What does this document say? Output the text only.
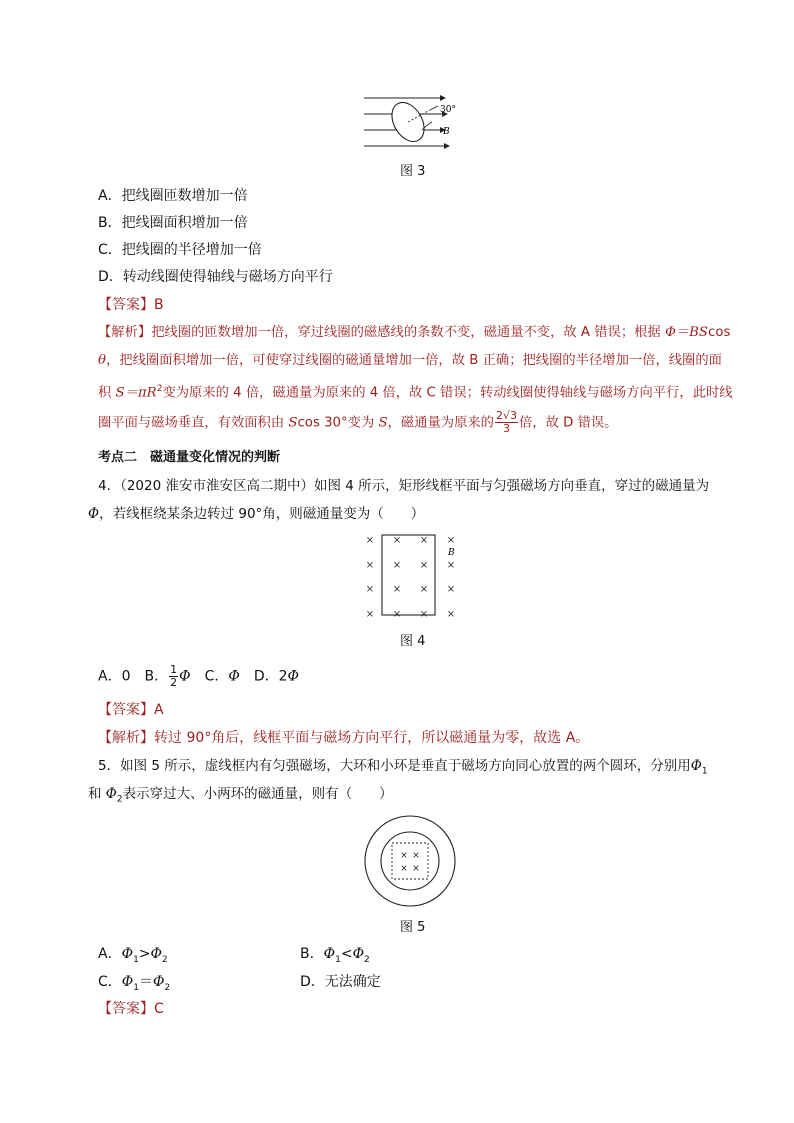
30°
B
图 3
A．把线圈匝数增加一倍
B．把线圈面积增加一倍
C．把线圈的半径增加一倍
D．转动线圈使得轴线与磁场方向平行
【答案】B
【解析】把线圈的匝数增加一倍，穿过线圈的磁感线的条数不变，磁通量不变，故 A 错误；根据 Φ＝BScos
θ，把线圈面积增加一倍，可使穿过线圈的磁通量增加一倍，故 B 正确；把线圈的半径增加一倍，线圈的面
积 $S=\pi R^2$变为原来的 4 倍，磁通量为原来的 4 倍，故 C 错误；转动线圈使得轴线与磁场方向平行，此时线
圈平面与磁场垂直，有效面积由 Scos 30°变为 S，磁通量为原来的 $\frac{2√3}{3}$ 倍，故 D 错误。
考点二　磁通量变化情况的判断
4．（2020 淮安市淮安区高二期中）如图 4 所示，矩形线框平面与匀强磁场方向垂直，穿过的磁通量为
Φ，若线框绕某条边转过 90°角，则磁通量变为（　　）
× × × ×
× × × ×
× × × ×
× × × ×
B
图 4
A．0　B． $\frac{1}{2}$ Φ　C．Φ　D．2Φ
【答案】A
【解析】转过 90°角后，线框平面与磁场方向平行，所以磁通量为零，故选 A。
5．如图 5 所示，虚线框内有匀强磁场，大环和小环是垂直于磁场方向同心放置的两个圆环，分别用$\Phi_1$
和 $\Phi_2$表示穿过大、小两环的磁通量，则有（　　）
× ×
× ×
图 5
A．$\Phi_1>\Phi_2$	B．$\Phi_1<\Phi_2$
C．$\Phi_1=\Phi_2$	D．无法确定
【答案】C
